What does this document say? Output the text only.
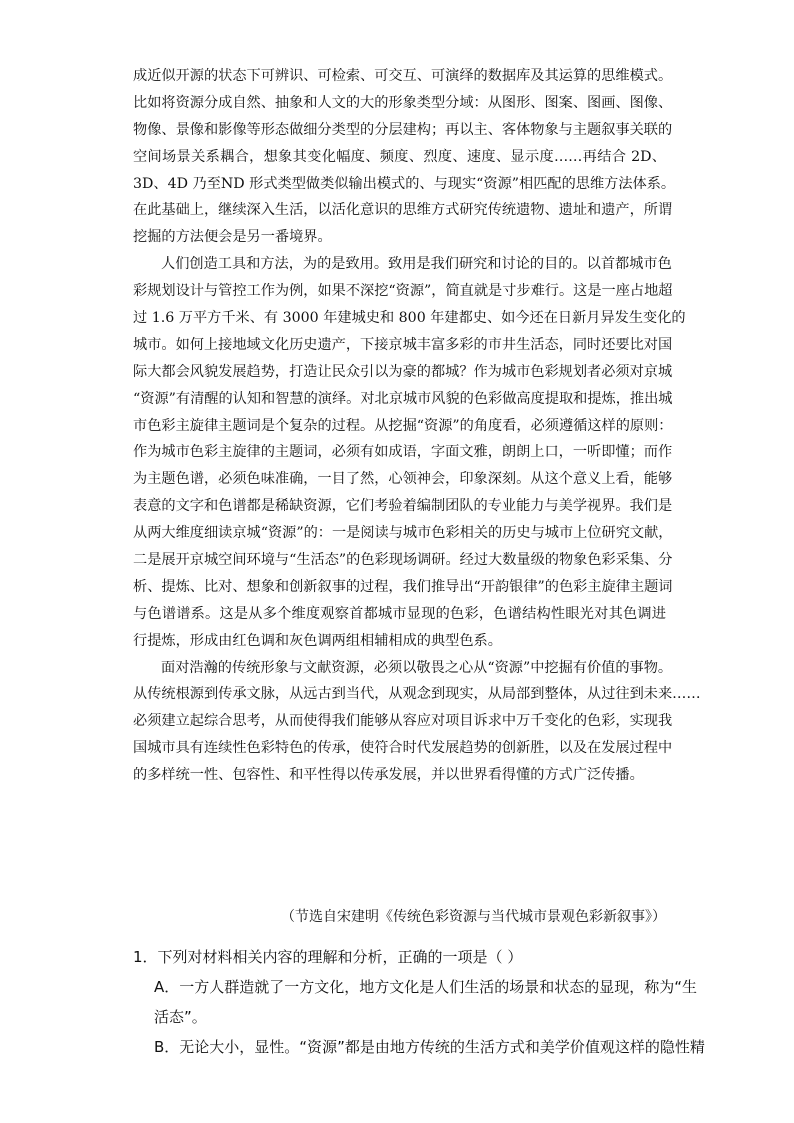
成近似开源的状态下可辨识、可检索、可交互、可演绎的数据库及其运算的思维模式。
比如将资源分成自然、抽象和人文的大的形象类型分域：从图形、图案、图画、图像、
物像、景像和影像等形态做细分类型的分层建构；再以主、客体物象与主题叙事关联的
空间场景关系耦合，想象其变化幅度、频度、烈度、速度、显示度……再结合 2D、
3D、4D 乃至ND 形式类型做类似输出模式的、与现实“资源”相匹配的思维方法体系。
在此基础上，继续深入生活，以活化意识的思维方式研究传统遗物、遗址和遗产，所谓
挖掘的方法便会是另一番境界。
人们创造工具和方法，为的是致用。致用是我们研究和讨论的目的。以首都城市色
彩规划设计与管控工作为例，如果不深挖“资源”，简直就是寸步难行。这是一座占地超
过 1.6 万平方千米、有 3000 年建城史和 800 年建都史、如今还在日新月异发生变化的
城市。如何上接地域文化历史遗产，下接京城丰富多彩的市井生活态，同时还要比对国
际大都会风貌发展趋势，打造让民众引以为豪的都城？作为城市色彩规划者必须对京城
“资源”有清醒的认知和智慧的演绎。对北京城市风貌的色彩做高度提取和提炼，推出城
市色彩主旋律主题词是个复杂的过程。从挖掘“资源”的角度看，必须遵循这样的原则：
作为城市色彩主旋律的主题词，必须有如成语，字面文雅，朗朗上口，一听即懂；而作
为主题色谱，必须色味准确，一目了然，心领神会，印象深刻。从这个意义上看，能够
表意的文字和色谱都是稀缺资源，它们考验着编制团队的专业能力与美学视界。我们是
从两大维度细读京城“资源”的：一是阅读与城市色彩相关的历史与城市上位研究文献，
二是展开京城空间环境与“生活态”的色彩现场调研。经过大数量级的物象色彩采集、分
析、提炼、比对、想象和创新叙事的过程，我们推导出“开韵银律”的色彩主旋律主题词
与色谱谱系。这是从多个维度观察首都城市显现的色彩，色谱结构性眼光对其色调进
行提炼，形成由红色调和灰色调两组相辅相成的典型色系。
面对浩瀚的传统形象与文献资源，必须以敬畏之心从“资源”中挖掘有价值的事物。
从传统根源到传承文脉，从远古到当代，从观念到现实，从局部到整体，从过往到未来……
必须建立起综合思考，从而使得我们能够从容应对项目诉求中万千变化的色彩，实现我
国城市具有连续性色彩特色的传承，使符合时代发展趋势的创新胜，以及在发展过程中
的多样统一性、包容性、和平性得以传承发展，并以世界看得懂的方式广泛传播。
（节选自宋建明《传统色彩资源与当代城市景观色彩新叙事》）
1．下列对材料相关内容的理解和分析，正确的一项是（ ）
A．一方人群造就了一方文化，地方文化是人们生活的场景和状态的显现，称为“生
活态”。
B．无论大小，显性。“资源”都是由地方传统的生活方式和美学价值观这样的隐性精
